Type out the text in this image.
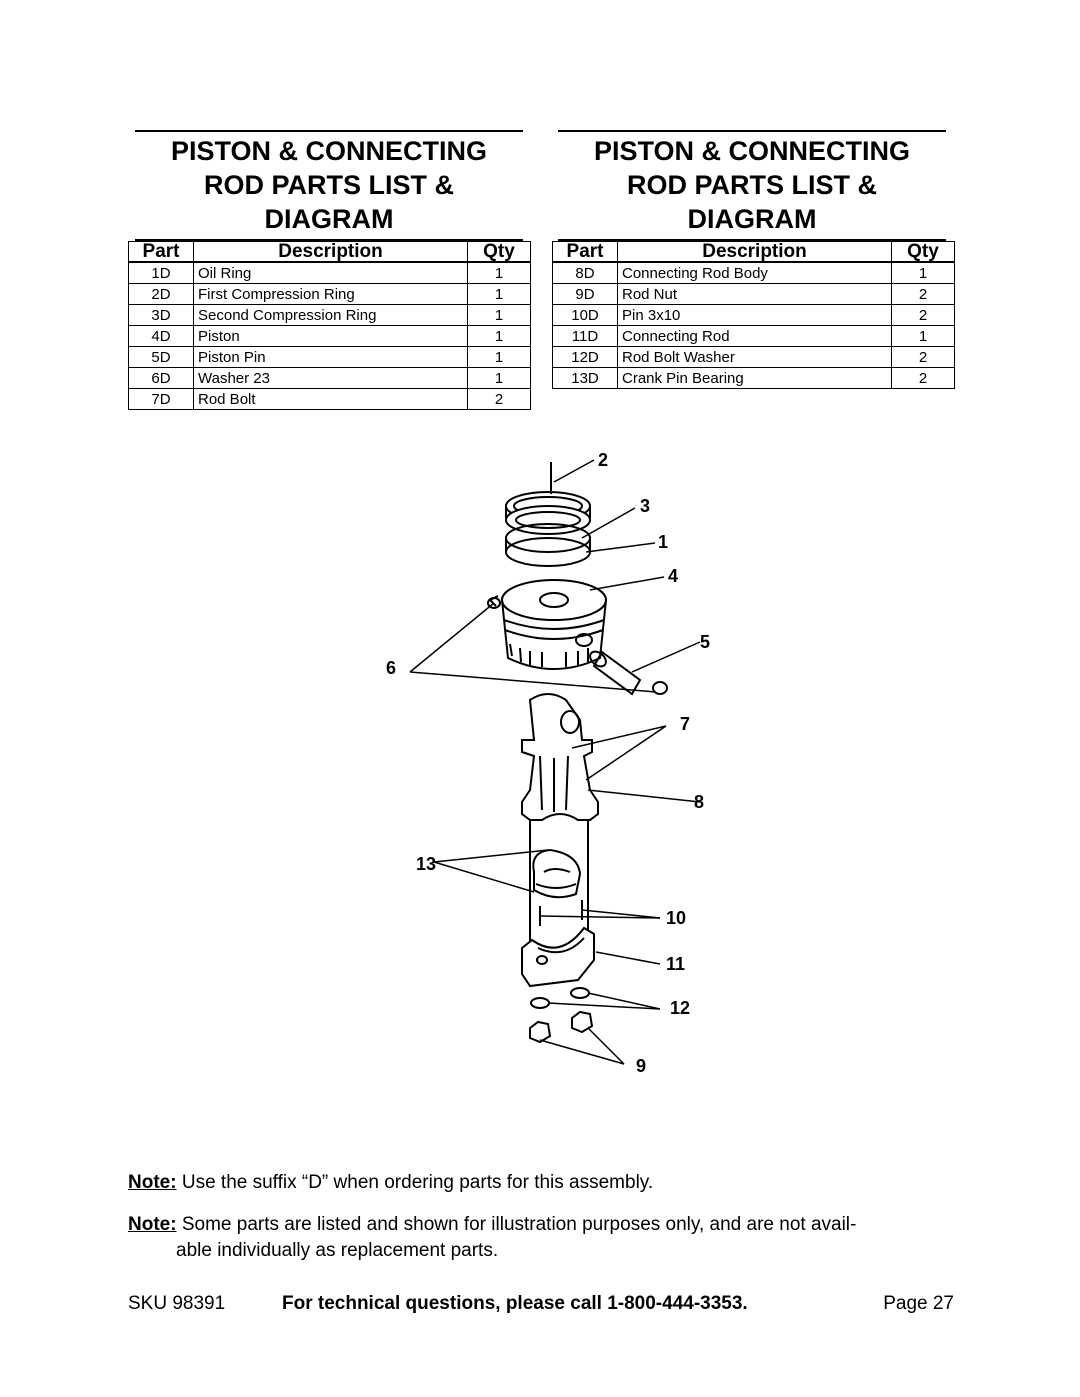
PISTON & CONNECTING
ROD PARTS LIST &
DIAGRAM
PISTON & CONNECTING
ROD PARTS LIST &
DIAGRAM
Part	Description	Qty
1D	Oil Ring	1
2D	First Compression Ring	1
3D	Second Compression Ring	1
4D	Piston	1
5D	Piston Pin	1
6D	Washer 23	1
7D	Rod Bolt	2
Part	Description	Qty
8D	Connecting Rod Body	1
9D	Rod Nut	2
10D	Pin 3x10	2
11D	Connecting Rod	1
12D	Rod Bolt Washer	2
13D	Crank Pin Bearing	2
2
3
1
4
5
6
7
8
13
10
11
12
9
Note: Use the suffix “D” when ordering parts for this assembly.
Note: Some parts are listed and shown for illustration purposes only, and are not avail-
able individually as replacement parts.
SKU 98391	For technical questions, please call 1-800-444-3353.	Page 27
